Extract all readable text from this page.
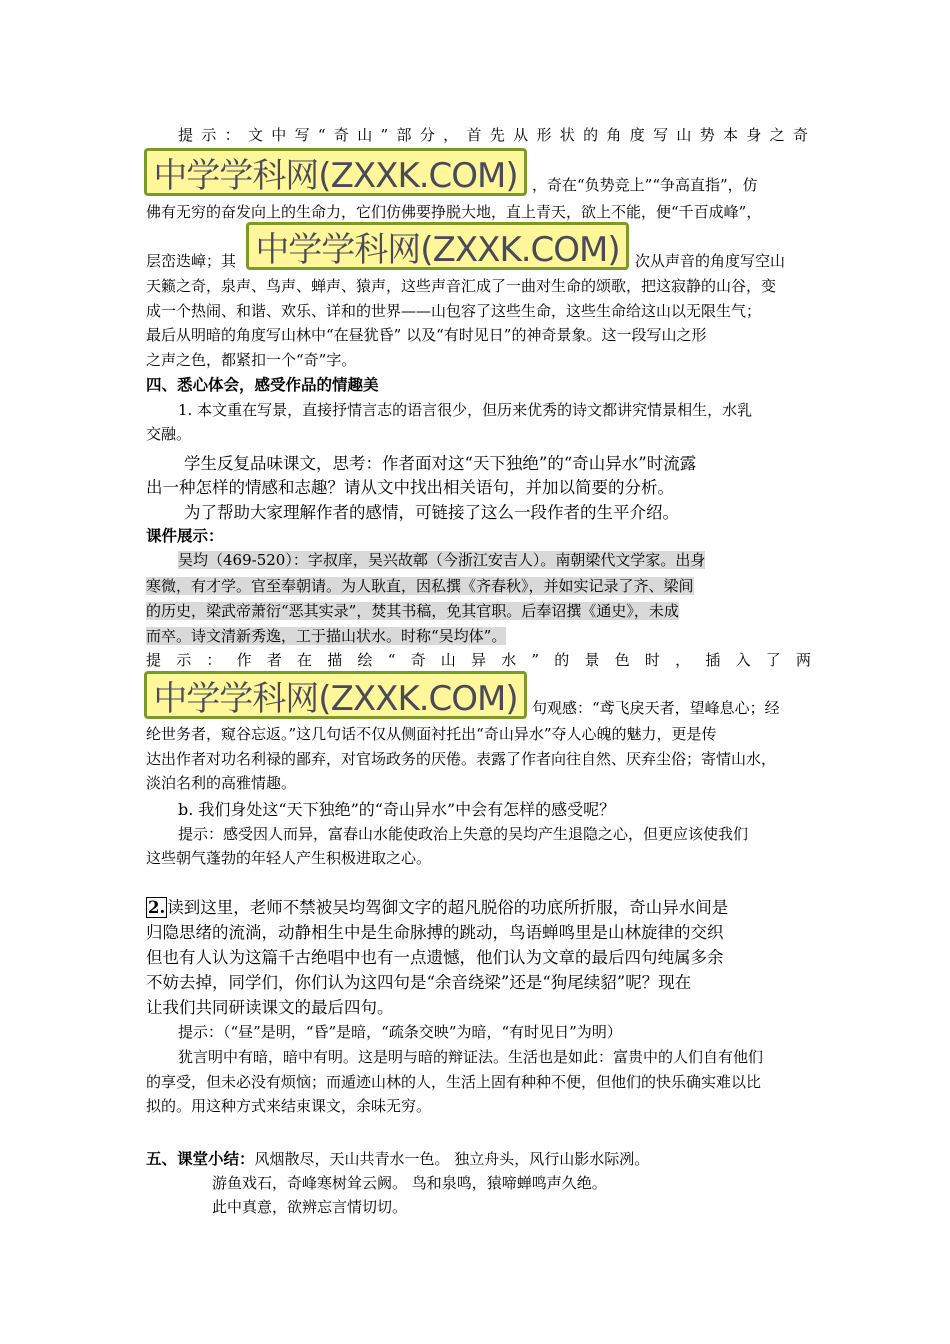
提示：文中写“奇山”部分，首先从形状的角度写山势本身之奇
中学学科网(ZXXK.COM) ，奇在“负势竞上”“争高直指”，仿
佛有无穷的奋发向上的生命力，它们仿佛要挣脱大地，直上青天，欲上不能，便“千百成峰”，
层峦迭嶂；其 中学学科网(ZXXK.COM)	次从声音的角度写空山
天籁之奇，泉声、鸟声、蝉声、猿声，这些声音汇成了一曲对生命的颂歌，把这寂静的山谷，变
成一个热闹、和谐、欢乐、详和的世界——山包容了这些生命，这些生命给这山以无限生气；
最后从明暗的角度写山林中“在昼犹昏” 以及“有时见日”的神奇景象。这一段写山之形
之声之色，都紧扣一个“奇”字。
四、悉心体会，感受作品的情趣美
1. 本文重在写景，直接抒情言志的语言很少，但历来优秀的诗文都讲究情景相生，水乳
交融。
学生反复品味课文，思考：作者面对这“天下独绝”的“奇山异水”时流露
出一种怎样的情感和志趣？请从文中找出相关语句，并加以简要的分析。
为了帮助大家理解作者的感情，可链接了这么一段作者的生平介绍。
课件展示：
吴均（469-520）：字叔庠，吴兴故鄣（今浙江安吉人）。南朝梁代文学家。出身
寒微，有才学。官至奉朝请。为人耿直，因私撰《齐春秋》，并如实记录了齐、梁间
的历史，梁武帝萧衍“恶其实录”，焚其书稿，免其官职。后奉诏撰《通史》，未成
而卒。诗文清新秀逸，工于描山状水。时称“吴均体”。
提示：作者在描绘“奇山异水”的景色时，插入了两
中学学科网(ZXXK.COM) 句观感：“鸢飞戾天者，望峰息心；经
纶世务者，窥谷忘返。”这几句话不仅从侧面衬托出“奇山异水”夺人心魄的魅力，更是传
达出作者对功名利禄的鄙弃，对官场政务的厌倦。表露了作者向往自然、厌弃尘俗；寄情山水，
淡泊名利的高雅情趣。
b. 我们身处这“天下独绝”的“奇山异水”中会有怎样的感受呢？
提示：感受因人而异，富春山水能使政治上失意的吴均产生退隐之心，但更应该使我们
这些朝气蓬勃的年轻人产生积极进取之心。
2. 读到这里，老师不禁被吴均驾御文字的超凡脱俗的功底所折服，奇山异水间是
归隐思绪的流淌，动静相生中是生命脉搏的跳动，鸟语蝉鸣里是山林旋律的交织
但也有人认为这篇千古绝唱中也有一点遗憾，他们认为文章的最后四句纯属多余
不妨去掉，同学们，你们认为这四句是“余音绕梁”还是“狗尾续貂”呢？现在
让我们共同研读课文的最后四句。
提示：（“昼”是明，“昏”是暗，“疏条交映”为暗，“有时见日”为明）
犹言明中有暗，暗中有明。这是明与暗的辩证法。生活也是如此：富贵中的人们自有他们
的享受，但未必没有烦恼；而遁迹山林的人，生活上固有种种不便，但他们的快乐确实难以比
拟的。用这种方式来结束课文，余味无穷。
五、课堂小结：风烟散尽，天山共青水一色。 独立舟头，风行山影水际冽。
游鱼戏石，奇峰寒树耸云阙。 鸟和泉鸣，猿啼蝉鸣声久绝。
此中真意，欲辨忘言情切切。
